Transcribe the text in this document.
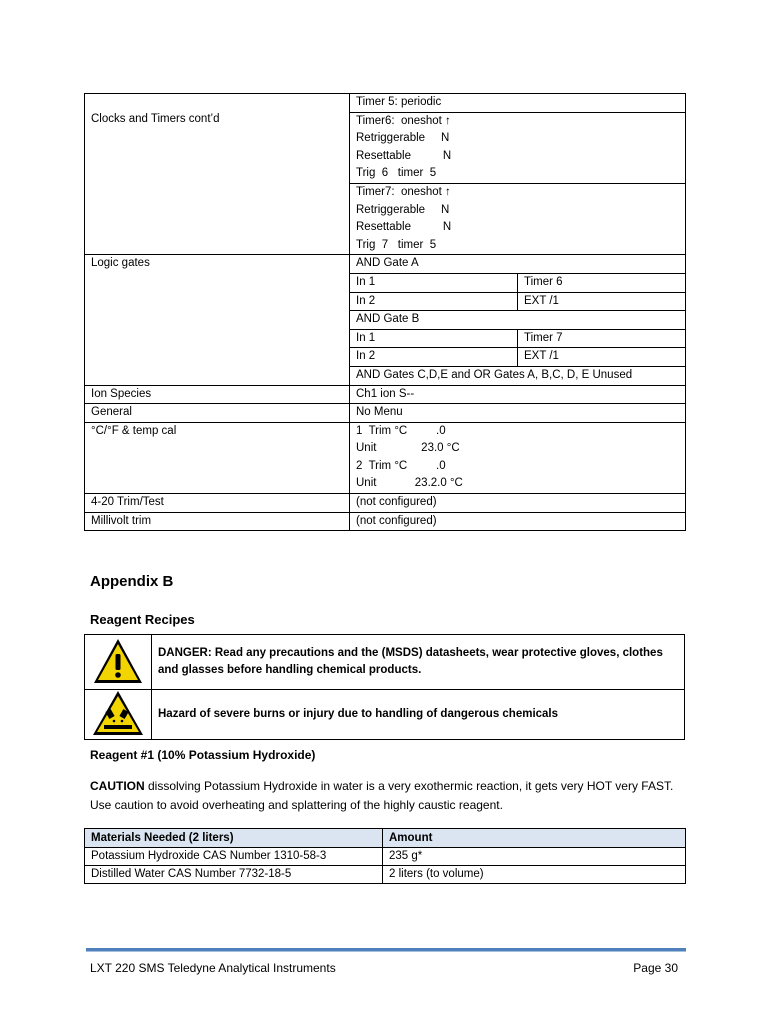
Clocks and Timers cont’d	Timer 5: periodic	

	Timer6:  oneshot ↑
Retriggerable     N
Resettable          N
Trig  6   timer  5	

	Timer7:  oneshot ↑
Retriggerable     N
Resettable          N
Trig  7   timer  5	

Logic gates	AND Gate A	
	In 1	Timer 6
	In 2	EXT /1
	AND Gate B	
	In 1	Timer 7
	In 2	EXT /1
	AND Gates C,D,E and OR Gates A, B,C, D, E Unused	
Ion Species	Ch1 ion S--	
General	No Menu	
°C/°F & temp cal	1  Trim °C         .0
Unit              23.0 °C
2  Trim °C         .0
Unit            23.2.0 °C	

4-20 Trim/Test	(not configured)	
Millivolt trim	(not configured)	
Appendix B
Reagent Recipes
	DANGER: Read any precautions and the (MSDS) datasheets, wear protective gloves, clothes and glasses before handling chemical products.
	Hazard of severe burns or injury due to handling of dangerous chemicals
Reagent #1 (10% Potassium Hydroxide)
CAUTION dissolving Potassium Hydroxide in water is a very exothermic reaction, it gets very HOT very FAST. Use caution to avoid overheating and splattering of the highly caustic reagent.
Materials Needed (2 liters)	Amount
Potassium Hydroxide CAS Number 1310-58-3	235 g*
Distilled Water CAS Number 7732-18-5	2 liters (to volume)
LXT 220 SMS Teledyne Analytical Instruments	Page 30
